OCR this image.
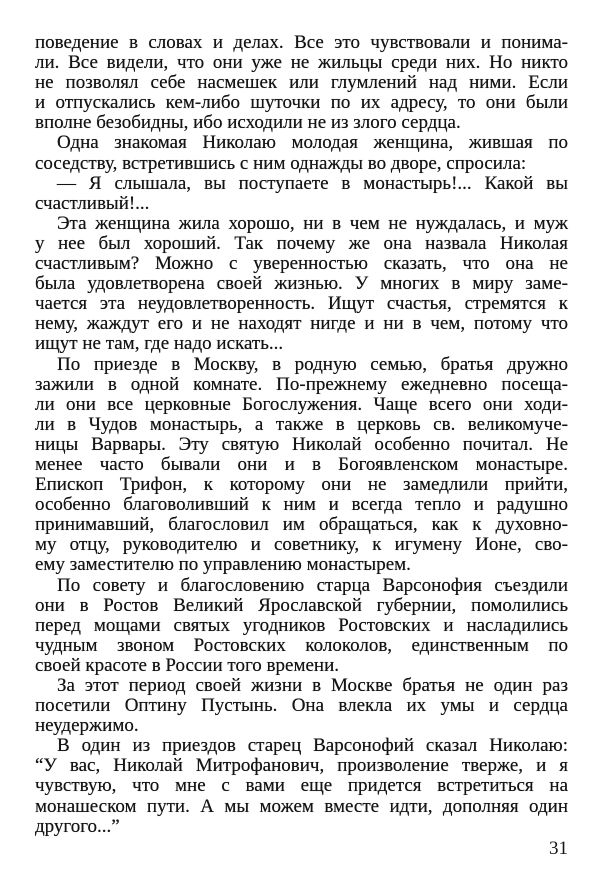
поведение в словах и делах. Все это чувствовали и понима-
ли. Все видели, что они уже не жильцы среди них. Но никто
не позволял себе насмешек или глумлений над ними. Если
и отпускались кем-либо шуточки по их адресу, то они были
вполне безобидны, ибо исходили не из злого сердца.
Одна знакомая Николаю молодая женщина, жившая по
соседству, встретившись с ним однажды во дворе, спросила:
— Я слышала, вы поступаете в монастырь!... Какой вы
счастливый!...
Эта женщина жила хорошо, ни в чем не нуждалась, и муж
у нее был хороший. Так почему же она назвала Николая
счастливым? Можно с уверенностью сказать, что она не
была удовлетворена своей жизнью. У многих в миру заме-
чается эта неудовлетворенность. Ищут счастья, стремятся к
нему, жаждут его и не находят нигде и ни в чем, потому что
ищут не там, где надо искать...
По приезде в Москву, в родную семью, братья дружно
зажили в одной комнате. По-прежнему ежедневно посеща-
ли они все церковные Богослужения. Чаще всего они ходи-
ли в Чудов монастырь, а также в церковь св. великомуче-
ницы Варвары. Эту святую Николай особенно почитал. Не
менее часто бывали они и в Богоявленском монастыре.
Епископ Трифон, к которому они не замедлили прийти,
особенно благоволивший к ним и всегда тепло и радушно
принимавший, благословил им обращаться, как к духовно-
му отцу, руководителю и советнику, к игумену Ионе, сво-
ему заместителю по управлению монастырем.
По совету и благословению старца Варсонофия съездили
они в Ростов Великий Ярославской губернии, помолились
перед мощами святых угодников Ростовских и насладились
чудным звоном Ростовских колоколов, единственным по
своей красоте в России того времени.
За этот период своей жизни в Москве братья не один раз
посетили Оптину Пустынь. Она влекла их умы и сердца
неудержимо.
В один из приездов старец Варсонофий сказал Николаю:
“У вас, Николай Митрофанович, произволение тверже, и я
чувствую, что мне с вами еще придется встретиться на
монашеском пути. А мы можем вместе идти, дополняя один
другого...”
31
